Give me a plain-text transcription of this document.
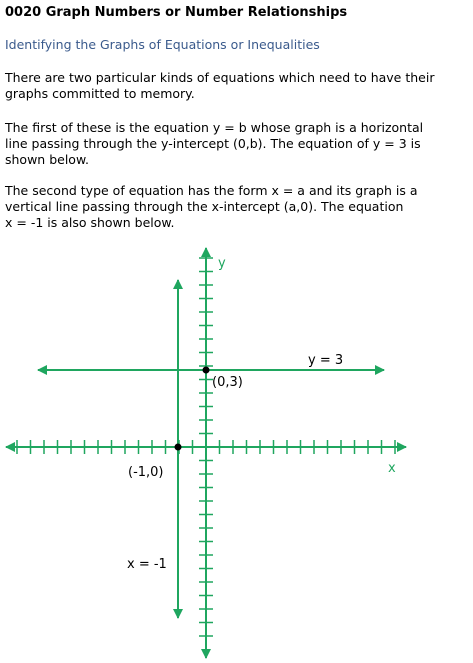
0020 Graph Numbers or Number Relationships
Identifying the Graphs of Equations or Inequalities

There are two particular kinds of equations which need to have their
graphs committed to memory.

The first of these is the equation y = b whose graph is a horizontal
line passing through the y-intercept (0,b). The equation of y = 3 is
shown below.

The second type of equation has the form x = a and its graph is a
vertical line passing through the x-intercept (a,0). The equation
x = -1 is also shown below.

y
x
(0,3)
(-1,0)
y = 3
x = -1
